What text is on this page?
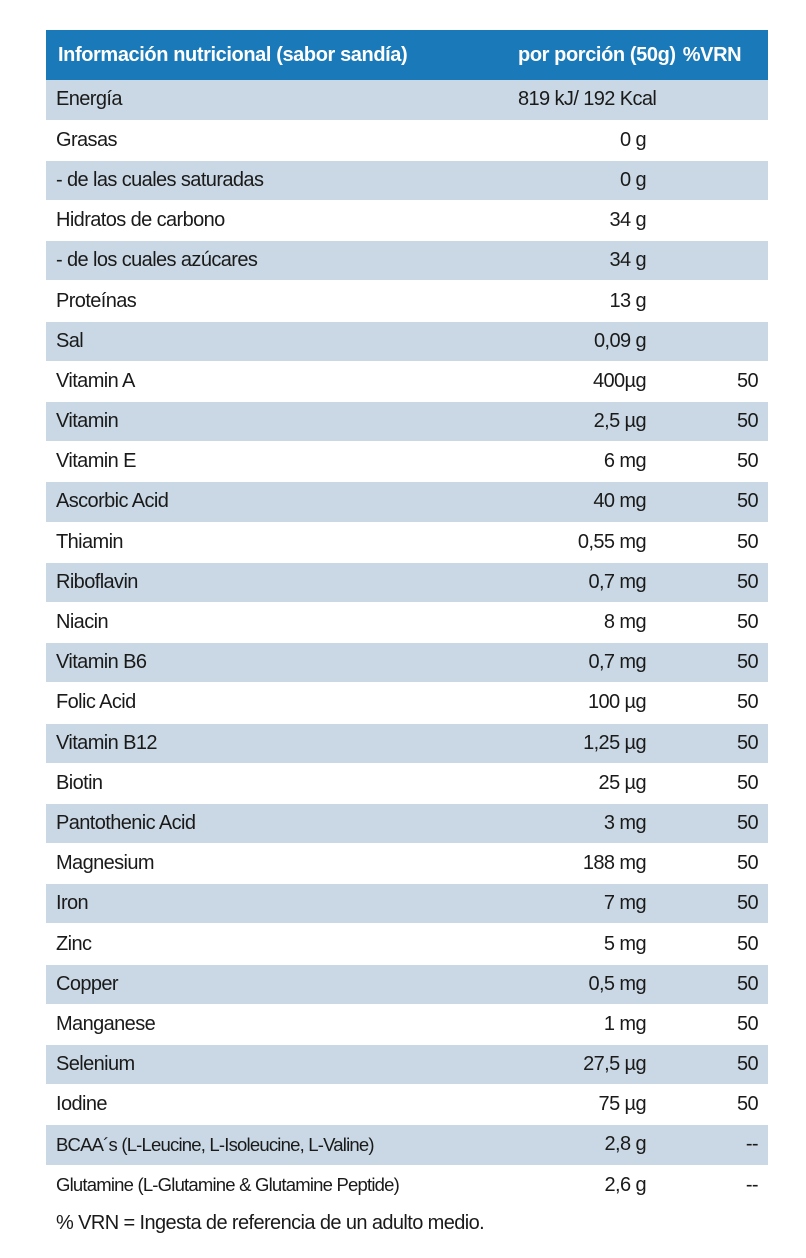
Información nutricional (sabor sandía)	por porción (50g)	%VRN
Energía	819 kJ/ 192 Kcal	
Grasas	0 g	
- de las cuales saturadas	0 g	
Hidratos de carbono	34 g	
- de los cuales azúcares	34 g	
Proteínas	13 g	
Sal	0,09 g	
Vitamin A	400µg	50
Vitamin	2,5 µg	50
Vitamin E	6 mg	50
Ascorbic Acid	40 mg	50
Thiamin	0,55 mg	50
Riboflavin	0,7 mg	50
Niacin	8 mg	50
Vitamin B6	0,7 mg	50
Folic Acid	100 µg	50
Vitamin B12	1,25 µg	50
Biotin	25 µg	50
Pantothenic Acid	3 mg	50
Magnesium	188 mg	50
Iron	7 mg	50
Zinc	5 mg	50
Copper	0,5 mg	50
Manganese	1 mg	50
Selenium	27,5 µg	50
Iodine	75 µg	50
BCAA´s (L-Leucine, L-Isoleucine, L-Valine)	2,8 g	--
Glutamine (L-Glutamine & Glutamine Peptide)	2,6 g	--
% VRN = Ingesta de referencia de un adulto medio.
